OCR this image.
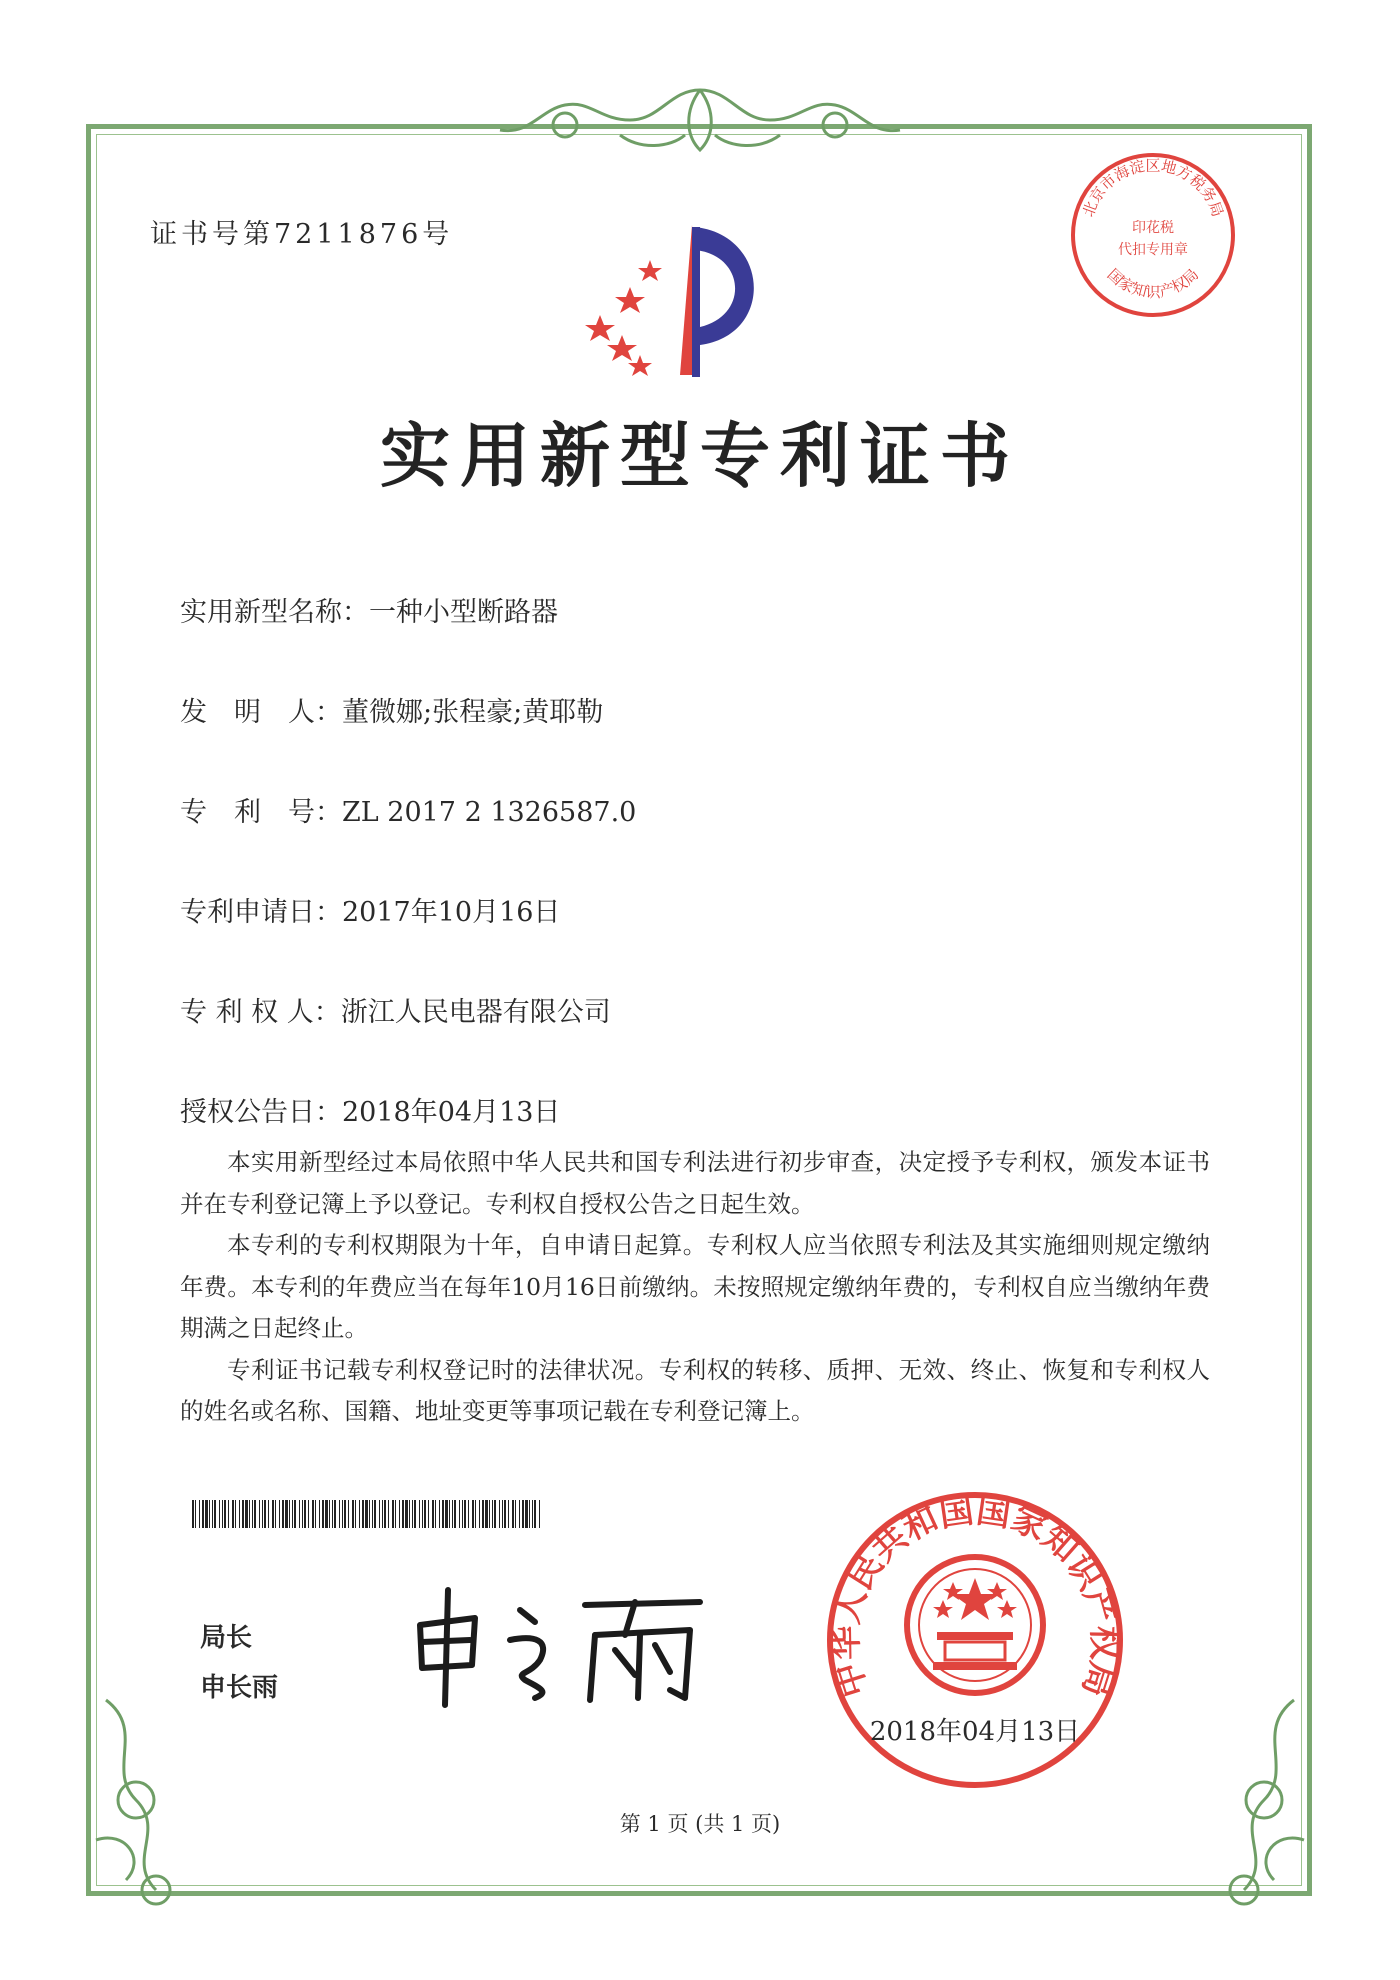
证书号第7211876号
北京市海淀区地方税务局
国家知识产权局
印花税
代扣专用章
实用新型专利证书
实用新型名称：一种小型断路器
发　明　人：董微娜;张程豪;黄耶勒
专　利　号：ZL 2017 2 1326587.0
专利申请日：2017年10月16日
专 利 权 人：浙江人民电器有限公司
授权公告日：2018年04月13日

本实用新型经过本局依照中华人民共和国专利法进行初步审查，决定授予专利权，颁发本证书并在专利登记簿上予以登记。专利权自授权公告之日起生效。

本专利的专利权期限为十年，自申请日起算。专利权人应当依照专利法及其实施细则规定缴纳年费。本专利的年费应当在每年10月16日前缴纳。未按照规定缴纳年费的，专利权自应当缴纳年费期满之日起终止。

专利证书记载专利权登记时的法律状况。专利权的转移、质押、无效、终止、恢复和专利权人的姓名或名称、国籍、地址变更等事项记载在专利登记簿上。

局长
申长雨	中华人民共和国国家知识产权局
2018年04月13日
第 1 页 (共 1 页)
